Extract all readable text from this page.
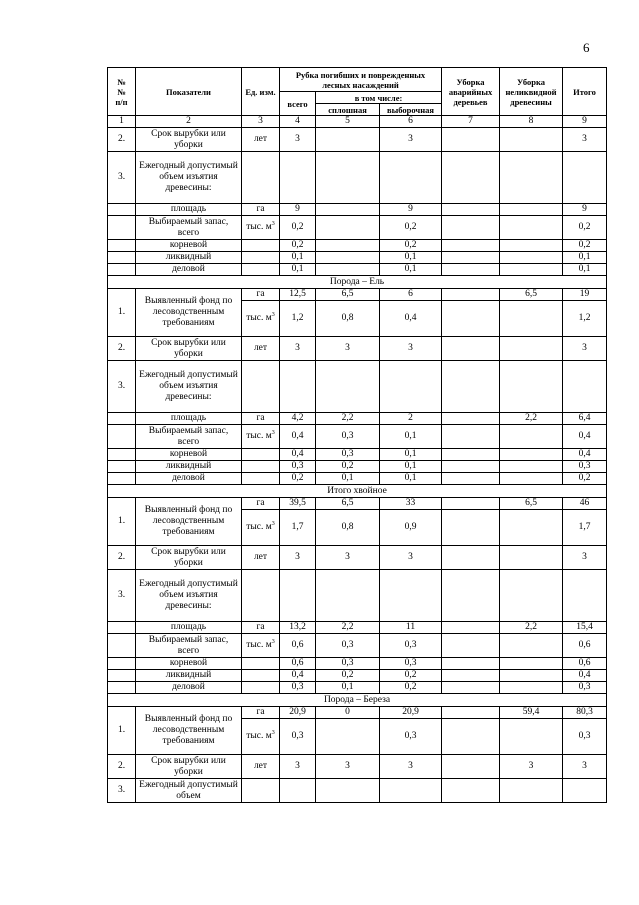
6
№
№
п/п	Показатели	Ед. изм.	Рубка погибших и поврежденных лесных насаждений			Уборка аварийных деревьев	Уборка неликвидной древесины	Итого
			всего	в том числе:				
				сплошная	выборочная			
1	2	3	4	5	6	7	8	9
2.	Срок вырубки или уборки	лет	3		3			3
3.	Ежегодный допустимый объем изъятия древесины:							
	площадь	га	9		9			9
	Выбираемый запас, всего	тыс. $м^3$	0,2		0,2			0,2
	корневой		0,2		0,2			0,2
	ликвидный		0,1		0,1			0,1
	деловой		0,1		0,1			0,1
Порода – Ель								
1.	Выявленный фонд по лесоводственным требованиям	га	12,5	6,5	6		6,5	19
		тыс. $м^3$	1,2	0,8	0,4			1,2
2.	Срок вырубки или уборки	лет	3	3	3			3
3.	Ежегодный допустимый объем изъятия древесины:							
	площадь	га	4,2	2,2	2		2,2	6,4
	Выбираемый запас, всего	тыс. $м^3$	0,4	0,3	0,1			0,4
	корневой		0,4	0,3	0,1			0,4
	ликвидный		0,3	0,2	0,1			0,3
	деловой		0,2	0,1	0,1			0,2
Итого хвойное								
1.	Выявленный фонд по лесоводственным требованиям	га	39,5	6,5	33		6,5	46
		тыс. $м^3$	1,7	0,8	0,9			1,7
2.	Срок вырубки или уборки	лет	3	3	3			3
3.	Ежегодный допустимый объем изъятия древесины:							
	площадь	га	13,2	2,2	11		2,2	15,4
	Выбираемый запас, всего	тыс. $м^3$	0,6	0,3	0,3			0,6
	корневой		0,6	0,3	0,3			0,6
	ликвидный		0,4	0,2	0,2			0,4
	деловой		0,3	0,1	0,2			0,3
Порода – Береза								
1.	Выявленный фонд по лесоводственным требованиям	га	20,9	0	20,9		59,4	80,3
		тыс. $м^3$	0,3		0,3			0,3
2.	Срок вырубки или уборки	лет	3	3	3		3	3
3.	Ежегодный допустимый объем							
